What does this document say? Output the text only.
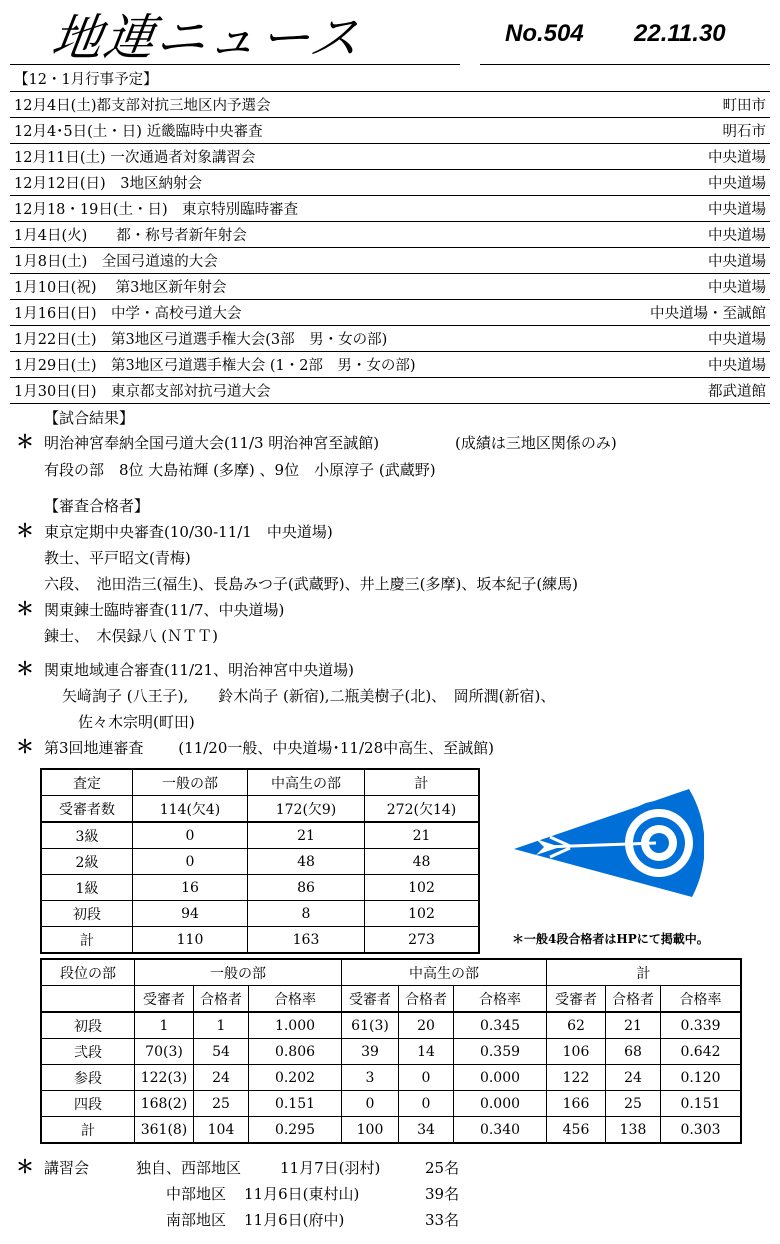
地連ニュース	No.504 22.11.30
【12・1月行事予定】	
12月4日(土)都支部対抗三地区内予選会	町田市
12月4･5日(土・日) 近畿臨時中央審査	明石市
12月11日(土) 一次通過者対象講習会	中央道場
12月12日(日)　3地区納射会	中央道場
12月18・19日(土・日)　東京特別臨時審査	中央道場
1月4日(火)　　都・称号者新年射会	中央道場
1月8日(土)　全国弓道遠的大会	中央道場
1月10日(祝)　 第3地区新年射会	中央道場
1月16日(日)　中学・高校弓道大会	中央道場・至誠館
1月22日(土)　第3地区弓道選手権大会(3部　男・女の部)	中央道場
1月29日(土)　第3地区弓道選手権大会 (1・2部　男・女の部)	中央道場
1月30日(日)　東京都支部対抗弓道大会	都武道館
【試合結果】
＊ 明治神宮奉納全国弓道大会(11/3 明治神宮至誠館)	(成績は三地区関係のみ)
有段の部　8位 大島祐輝 (多摩) 、9位　小原淳子 (武蔵野)
【審査合格者】
＊ 東京定期中央審査(10/30-11/1　中央道場)
教士、平戸昭文(青梅)
六段、　池田浩三(福生)、長島みつ子(武蔵野)、井上慶三(多摩)、坂本紀子(練馬)
＊ 関東錬士臨時審査(11/7、中央道場)
錬士、　木俣録八 (ＮＴＴ)
＊ 関東地域連合審査(11/21、明治神宮中央道場)
矢﨑詢子 (八王子),　　鈴木尚子 (新宿),二瓶美樹子(北)、　岡所潤(新宿)、
佐々木宗明(町田)
＊ 第3回地連審査　　 (11/20一般、中央道場･11/28中高生、至誠館)
査定	一般の部	中高生の部	計
受審者数	114(欠4)	172(欠9)	272(欠14)
3級	0	21	21
2級	0	48	48
1級	16	86	102
初段	94	8	102
計	110	163	273	＊一般4段合格者はHPにて掲載中。
段位の部	一般の部			中高生の部			計		
	受審者	合格者	合格率	受審者	合格者	合格率	受審者	合格者	合格率
初段	1	1	1.000	61(3)	20	0.345	62	21	0.339
弐段	70(3)	54	0.806	39	14	0.359	106	68	0.642
参段	122(3)	24	0.202	3	0	0.000	122	24	0.120
四段	168(2)	25	0.151	0	0	0.000	166	25	0.151
計	361(8)	104	0.295	100	34	0.340	456	138	0.303
＊ 講習会	独自、西部地区	11月7日(羽村)	25名
中部地区 11月6日(東村山)	39名
南部地区 11月6日(府中)	33名
